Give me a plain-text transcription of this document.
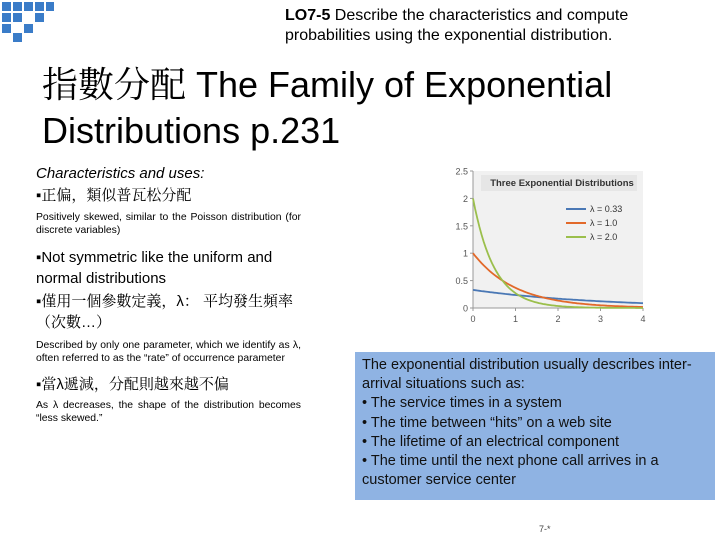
LO7-5 Describe the characteristics and compute probabilities using the exponential distribution.
指數分配 The Family of Exponential Distributions p.231

Characteristics and uses:

▪正偏，類似普瓦松分配

Positively skewed, similar to the Poisson distribution (for discrete variables)

▪Not symmetric like the uniform and normal distributions

▪僅用一個參數定義，λ： 平均發生頻率（次數…）

Described by only one parameter, which we identify as λ, often referred to as the “rate” of occurrence parameter

▪當λ遞減，分配則越來越不偏

As λ decreases, the shape of the distribution becomes “less skewed.”

0
0.5
1
1.5
2
2.5
0	1	2	3	4
Three Exponential Distributions
λ = 0.33
λ = 1.0
λ = 2.0
The exponential distribution usually describes inter-arrival situations such as:
• The service times in a system
• The time between “hits” on a web site
• The lifetime of an electrical component
• The time until the next phone call arrives in a customer service center
7-*
